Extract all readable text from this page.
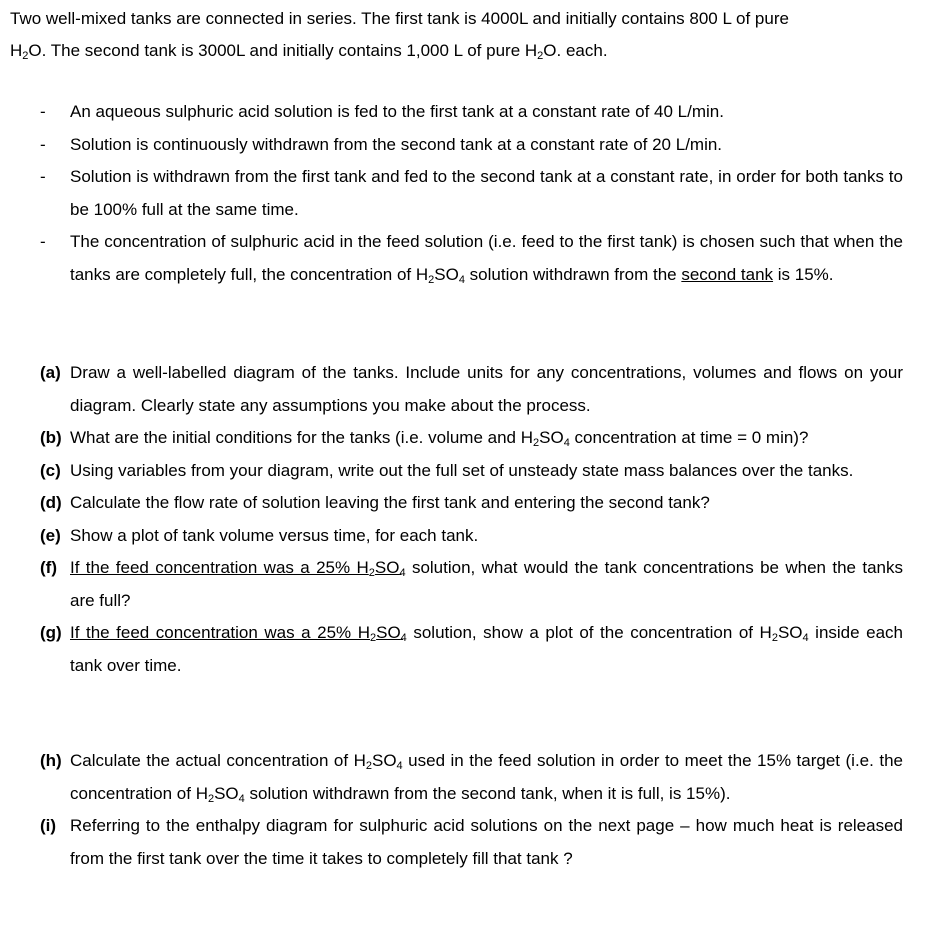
Two well-mixed tanks are connected in series. The first tank is 4000L and initially contains 800 L of pure
$H_2O$. The second tank is 3000L and initially contains 1,000 L of pure $H_2O$. each.
- An aqueous sulphuric acid solution is fed to the first tank at a constant rate of 40 L/min.
- Solution is continuously withdrawn from the second tank at a constant rate of 20 L/min.
- Solution is withdrawn from the first tank and fed to the second tank at a constant rate, in order for both tanks to be 100% full at the same time.
- The concentration of sulphuric acid in the feed solution (i.e. feed to the first tank) is chosen such that when the tanks are completely full, the concentration of $H_2SO_4$ solution withdrawn from the second tank is 15%.
(a) Draw a well-labelled diagram of the tanks. Include units for any concentrations, volumes and flows on your diagram. Clearly state any assumptions you make about the process.
(b) What are the initial conditions for the tanks (i.e. volume and $H_2SO_4$ concentration at time = 0 min)?
(c) Using variables from your diagram, write out the full set of unsteady state mass balances over the tanks.
(d) Calculate the flow rate of solution leaving the first tank and entering the second tank?
(e) Show a plot of tank volume versus time, for each tank.
(f) If the feed concentration was a 25% $H_2SO_4$ solution, what would the tank concentrations be when the tanks are full?
(g) If the feed concentration was a 25% $H_2SO_4$ solution, show a plot of the concentration of $H_2SO_4$ inside each tank over time.
(h) Calculate the actual concentration of $H_2SO_4$ used in the feed solution in order to meet the 15% target (i.e. the concentration of $H_2SO_4$ solution withdrawn from the second tank, when it is full, is 15%).
(i) Referring to the enthalpy diagram for sulphuric acid solutions on the next page – how much heat is released from the first tank over the time it takes to completely fill that tank ?
